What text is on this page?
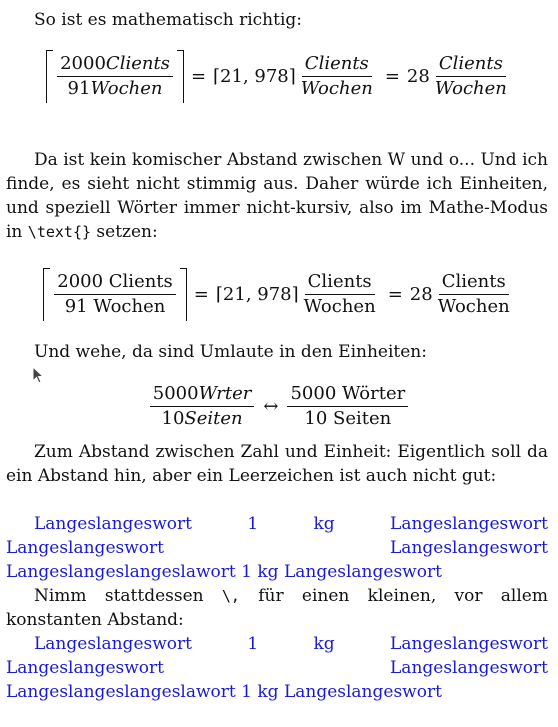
So ist es mathematisch richtig:
$\frac{\text{2000Clients}}{\text{91Wochen}}$ = ⌈21, 978⌉ $\frac{\text{Clients}}{\text{Wochen}} = 28 \frac{\text{Clients}}{\text{Wochen}}$
Da ist kein komischer Abstand zwischen W und o... Und ich finde, es sieht nicht stimmig aus. Daher würde ich Einheiten, und speziell Wörter immer nicht-kursiv, also im Mathe-Modus in \text{} setzen:
$\frac{\text{2000 Clients}}{\text{91 Wochen}}$ = ⌈21, 978⌉ $\frac{\text{Clients}}{\text{Wochen}} = 28 \frac{\text{Clients}}{\text{Wochen}}$
Und wehe, da sind Umlaute in den Einheiten:
$\frac{\text{5000Wrter}}{\text{10Seiten}}$ ↔ $\frac{\text{5000 Wörter}}{\text{10 Seiten}}$
Zum Abstand zwischen Zahl und Einheit: Eigentlich soll da ein Abstand hin, aber ein Leerzeichen ist auch nicht gut:
Langeslangeswort 1 kg Langeslangeswort Langeslangeswort Langeslangeswort Langeslangeslangeslawort 1 kg Langeslangeswort
Nimm stattdessen \, für einen kleinen, vor allem konstanten Abstand:
Langeslangeswort 1 kg Langeslangeswort Langeslangeswort Langeslangeswort Langeslangeslangeslawort 1 kg Langeslangeswort
